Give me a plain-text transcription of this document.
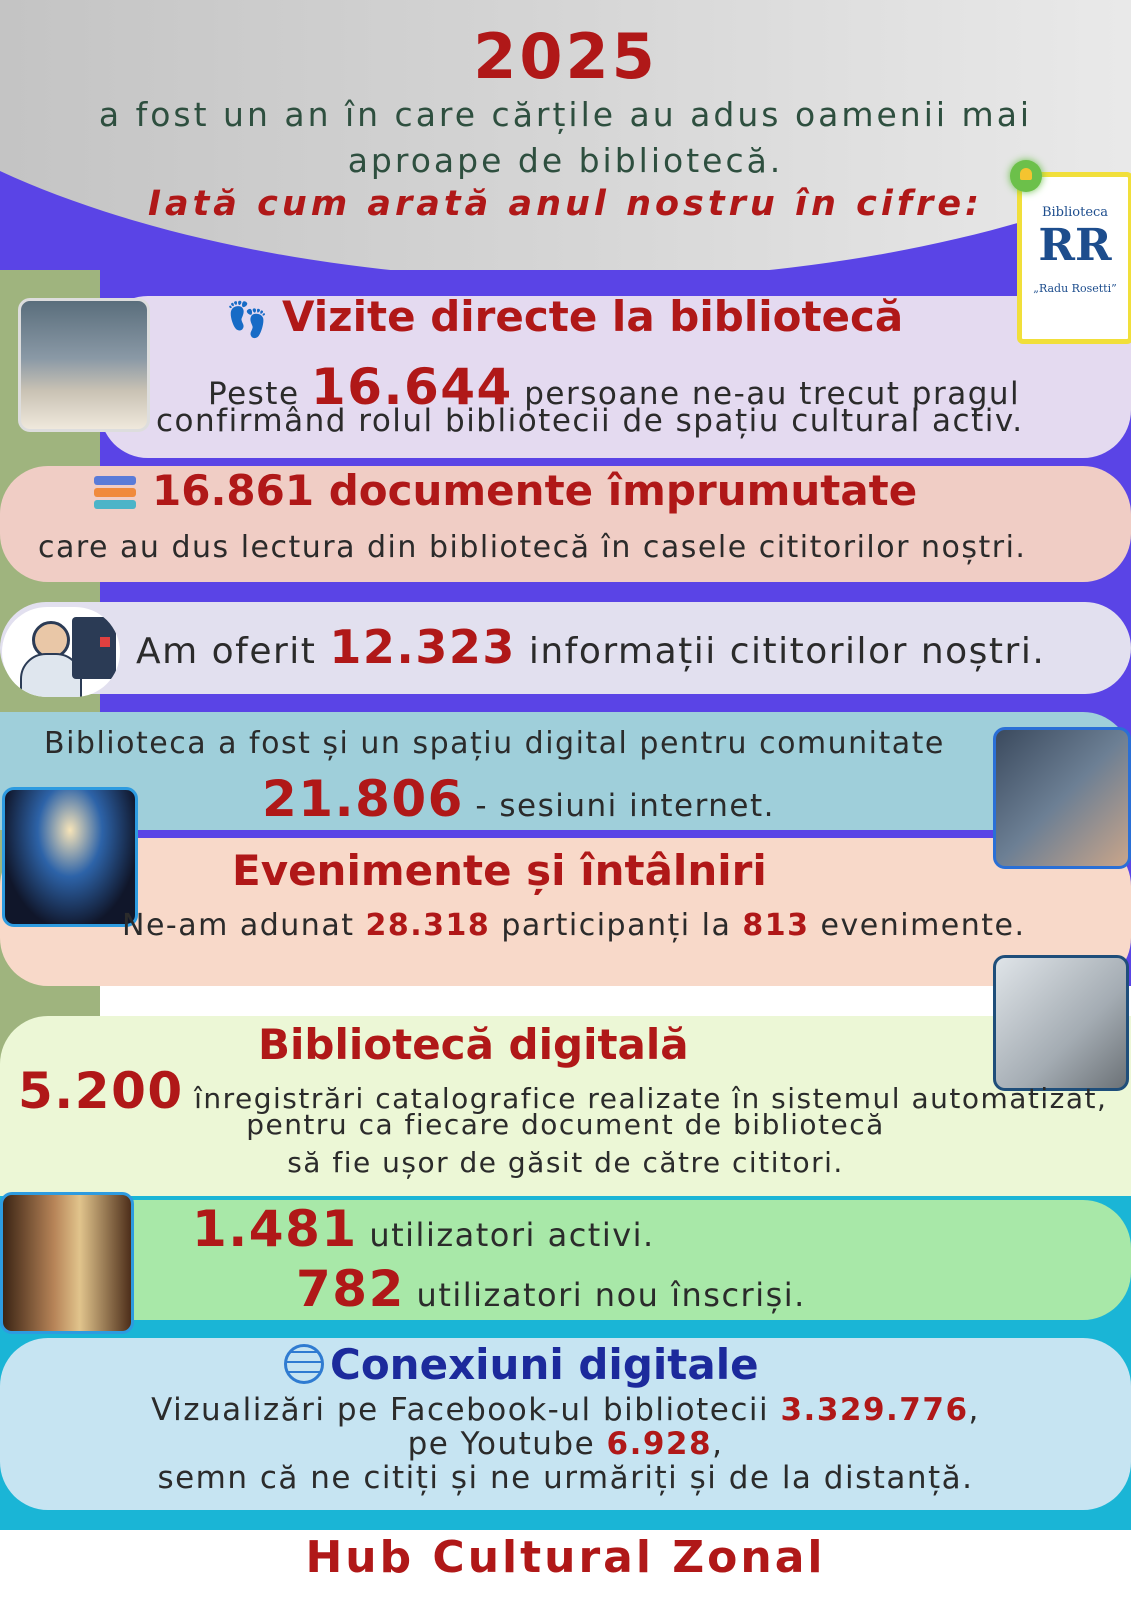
2025
a fost un an în care cărțile au adus oamenii mai
aproape de bibliotecă.
Iată cum arată anul nostru în cifre:	Biblioteca
RR
„Radu Rosetti”
👣 Vizite directe la bibliotecă
Peste 16.644 persoane ne-au trecut pragul
confirmând rolul bibliotecii de spațiu cultural activ.
16.861 documente împrumutate
care au dus lectura din bibliotecă în casele cititorilor noștri.
Am oferit 12.323 informații cititorilor noștri.
Biblioteca a fost și un spațiu digital pentru comunitate
21.806 - sesiuni internet.
Evenimente și întâlniri
Ne-am adunat 28.318 participanți la 813 evenimente.
Bibliotecă digitală
5.200 înregistrări catalografice realizate în sistemul automatizat,
pentru ca fiecare document de bibliotecă
să fie ușor de găsit de către cititori.
1.481 utilizatori activi.
782 utilizatori nou înscriși.
Conexiuni digitale
Vizualizări pe Facebook-ul bibliotecii 3.329.776,
pe Youtube 6.928,
semn că ne citiți și ne urmăriți și de la distanță.
Hub Cultural Zonal
